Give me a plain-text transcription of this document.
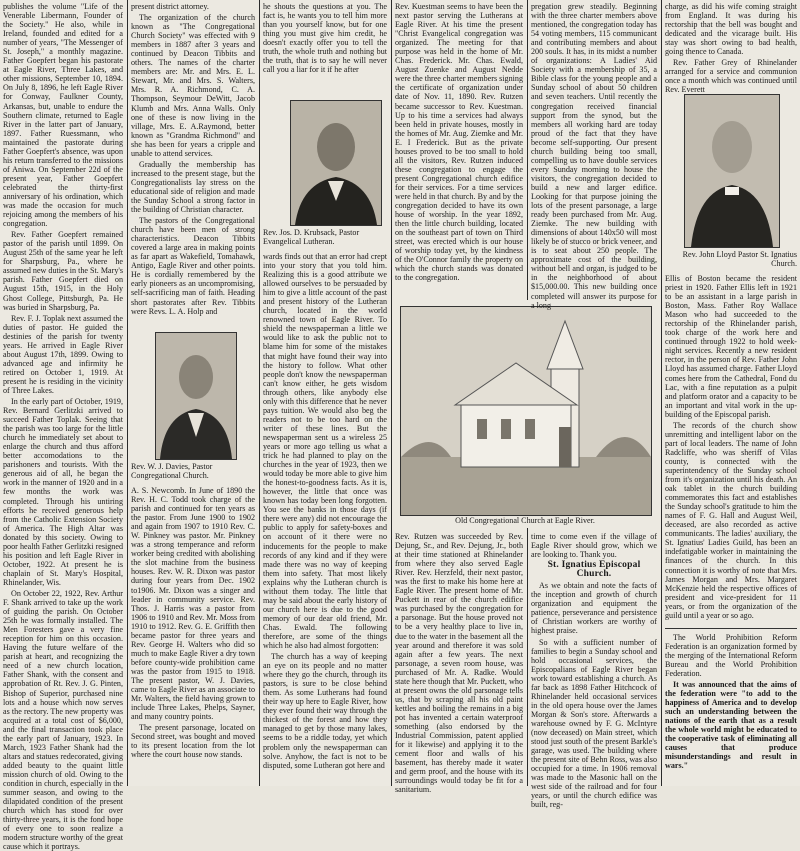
publishes the volume "Life of the Venerable Libermann, Founder of the Society." He also, while in Ireland, founded and edited for a number of years, "The Messenger of St. Joseph," a monthly magazine. Father Goepfert began his pastorate at Eagle River, Three Lakes, and other missions, September 10, 1894. On July 8, 1896, he left Eagle River for Conway, Faulkner County, Arkansas, but, unable to endure the Southern climate, returned to Eagle River in the latter part of January, 1897. Father Ruessmann, who maintained the pastorate during Father Goepfert's absence, was upon his return transferred to the missions of Aniwa. On September 22d of the present year, Father Goepfert celebrated the thirty-first anniversary of his ordination, which was made the occasion for much rejoicing among the members of his congregation.

Rev. Father Goepfert remained pastor of the parish until 1899. On August 25th of the same year he left for Sharpsburg, Pa., where he assumed new duties in the St. Mary's parish. Father Goepfert died on August 15th, 1915, in the Holy Ghost College, Pittsburgh, Pa. He was buried in Sharpsburg, Pa.

Rev. F. J. Toplak next assumed the duties of pastor. He guided the destinies of the parish for twenty years. He arrived in Eagle River about August 17th, 1899. Owing to advanced age and infirmity he retired on October 1, 1919. At present he is residing in the vicinity of Three Lakes.

In the early part of October, 1919, Rev. Bernard Gerlitzki arrived to succeed Father Toplak. Seeing that the parish was too large for the little church he immediately set about to enlarge the church and thus afford better accomodations to the parishoners and tourists. With the generous aid of all, he began the work in the manner of 1920 and in a few months the work was completed. Through his untiring efforts he received generous help from the Catholic Extension Society of America. The High Altar was donated by this society. Owing to poor health Father Gerlitzki resigned his position and left Eagle River in October, 1922. At present he is chaplain of St. Mary's Hospital, Rhinelander, Wis.

On October 22, 1922, Rev. Arthur F. Shank arrived to take up the work of guiding the parish. On October 25th he was formally installed. The Men Foresters gave a very fine reception for him on this occasion. Having the future welfare of the parish at heart, and recognizing the need of a new church location, Father Shank, with the consent and approbation of Rt. Rev. J. G. Pinten, Bishop of Superior, purchased nine lots and a house which now serves as the rectory. The new property was acquired at a total cost of $6,000, and the final transaction took place the early part of January, 1923. In March, 1923 Father Shank had the altars and statues redecorated, giving added beauty to the quaint little mission church of old. Owing to the condition in church, especially in the summer season, and owing to the dilapidated condition of the present church which has stood for over thirty-three years, it is the fond hope of every one to soon realize a modern structure worthy of the great cause which it portrays.

present district attorney.

The organization of the church known as "The Congregational Church Society" was effected with 9 members in 1887 after 3 years and continued by Deacon Tibbits and others. The names of the charter members are: Mr. and Mrs. E. L. Stewart, Mr. and Mrs. S. Walters, Mrs. R. A. Richmond, C. A. Thompson, Seymour DeWitt, Jacob Klumb and Mrs. Anna Walls. Only one of these is now living in the village, Mrs. E. A.Raymond, better known as "Grandma Richmond" and she has been for years a cripple and unable to attend services.

Gradually the membership has increased to the present stage, but the Congregationalists lay stress on the educational side of religion and made the Sunday School a strong factor in the building of Christian character.

The pastors of the Congregational church have been men of strong characteristics. Deacon Tibbits covered a large area in making points as far apart as Wakefield, Tomahawk, Antigo, Eagle River and other points. He is cordially remembered by the early pioneers as an uncompromising, self-sacrificing man of faith. Heading short pastorates after Rev. Tibbits were Revs. L. A. Holp and

Rev. W. J. Davies, Pastor Congregational Church.

A. S. Newcomb. In June of 1890 the Rev. H. C. Todd took charge of the parish and continued for ten years as the pastor. From June 1900 to 1902 and again from 1907 to 1910 Rev. C. W. Pinkney was pastor. Mr. Pinkney was a strong temperance and reform worker being credited with abolishing the slot machine from the business houses. Rev. W. R. Dixon was pastor during four years from Dec. 1902 to1906. Mr. Dixon was a singer and leader in community service. Rev. Thos. J. Harris was a pastor from 1906 to 1910 and Rev. Mr. Moss from 1910 to 1912. Rev. G. E. Griffith then became pastor for three years and Rev. George H. Walters who did so much to make Eagle River a dry town before county-wide prohibition came was the pastor from 1915 to 1918. The present pastor, W. J. Davies, came to Eagle River as an associate to Mr. Walters, the field having grown to include Three Lakes, Phelps, Sayner, and many country points.

The present parsonage, located on Second street, was bought and moved to its present location from the lot where the court house now stands.

he shouts the questions at you. The fact is, he wants you to tell him more than you yourself know, but for one thing you must give him credit, he doesn't exactly offer you to tell the truth, the whole truth and nothing but the truth, that is to say he will never call you a liar for it if he after

Rev. Jos. D. Krubsack, Pastor Evangelical Lutheran.

wards finds out that an error had crept into your story that you told him. Realizing this is a good attribute we allowed ourselves to be persuaded by him to give a little account of the past and present history of the Lutheran church, located in the world renowned town of Eagle River. To shield the newspaperman a little we would like to ask the public not to blame him for some of the mistakes that might have found their way into the history to follow. What other people don't know the newspaperman can't know either, he gets wisdom through others, like anybody else only with this difference that he never pays tuition. We would also beg the readers not to be too hard on the writer of these lines. But the newspaperman sent us a wireless 25 years or more ago telling us what a trick he had planned to play on the churches in the year of 1923, then we would today be more able to give him the honest-to-goodness facts. As it is, however, the little that once was known has today been long forgotten. You see the banks in those days (if there were any) did not encourage the public to apply for safety-boxes and on account of it there were no inducements for the people to make records of any kind and if they were made there was no way of keeping them into safety. That most likely explains why the Lutheran church is without them today. The little that may be said about the early history of our church here is due to the good memory of our dear old friend, Mr. Chas. Ewald. The following therefore, are some of the things which he also had almost forgotten:

The church has a way of keeping an eye on its people and no matter where they go the church, through its pastors, is sure to be close behind them. As some Lutherans had found their way up here to Eagle River, how they ever found their way through the thickest of the forest and how they managed to get by those many lakes, seems to be a riddle today, yet which problem only the newspaperman can solve. Anyhow, the fact is not to be disputed, some Lutheran got here and

Rev. Kuestman seems to have been the next pastor serving the Lutherans at Eagle River. At his time the present "Christ Evangelical congregation was organized. The meeting for that purpose was held in the home of Mr. Chas. Frederick. Mr. Chas. Ewald, August Zuenke and August Nedde were the three charter members signing the certificate of organization under date of Nov. 11, 1890. Rev. Rutzen became successor to Rev. Kuestman. Up to his time a services had always been held in private houses, mostly in the homes of Mr. Aug. Ziemke and Mr. E. I Frederick. But as the private houses proved to be too small to hold all the visitors, Rev. Rutzen induced these congregation to engage the present Congregational church edifice for their services. For a time services were held in that church. By and by the congregation decided to have its own house of worship. In the year 1892, then the little church building, located on the southeast part of town on Third street, was erected which is our house of worship today yet, by the kindness of the O'Connor family the property on which the church stands was donated to the congregation.

Old Congregational Church at Eagle River.

Rev. Rutzen was succeeded by Rev. Dejung, Sr., and Rev. Dejung, Jr., both at their time stationed at Rhinelander from where they also served Eagle River. Rev. Herzfeld, their next pastor, was the first to make his home here at Eagle River. The present home of Mr. Puckett in rear of the church edifice was purchased by the congregation for a parsonage. But the house proved not to be a very healthy place to live in, due to the water in the basement all the year around and therefore it was sold again after a few years. The next parsonage, a seven room house, was purchased of Mr. A. Radke. Would state here though that Mr. Puckett, who at present owns the old parsonage tells us, that by scraping all his old paint kettles and boiling the remains in a big pot has invented a certain waterproof something (also endorsed by the Industrial Commission, patent applied for it likewise) and applying it to the cement floor and walls of his basement, has thereby made it water and germ proof, and the house with its surroundings would today be fit for a sanitarium.

pregation grew steadily. Beginning with the three charter members above mentioned, the congregation today has 54 voting members, 115 communicant and contributing members and about 200 souls. It has, in its midst a number of organizations: A Ladies' Aid Society with a membership of 35, a Bible class for the young people and a Sunday school of about 50 children and seven teachers. Until recently the congregation received financial support from the synod, but the members all working hard are today proud of the fact that they have become self-supporting. Our present church building being too small, compelling us to have double services every Sunday morning to house the visitors, the congregation decided to build a new and larger edifice. Looking for that purpose joining the lots of the present parsonage, a large ready been purchased from Mr. Aug. Ziemke. The new building with dimensions of about 140x50 will most likely be of stucco or brick veneer, and is to seat about 250 people. The approximate cost of the building, without bell and organ, is judged to be in the neighborhood of about $15,000.00. This new building once completed will answer its purpose for a long

time to come even if the village of Eagle River should grow, which we are looking to. Thank you.

St. Ignatius Episcopal Church.

As we obtain and note the facts of the inception and growth of church organization and equipment the patience, perseverance and persistence of Christian workers are worthy of highest praise.

So with a sufficient number of families to begin a Sunday school and hold occasional services, the Episcopalians of Eagle River began work toward establishing a church. As far back as 1898 Father Hitchcock of Rhinelander held occasional services in the old opera house over the James Morgan & Son's store. Afterwards a warehouse owned by F. G. McIntyre (now deceased) on Main street, which stood just south of the present Barkle's garage, was used. The building where the present site of Behn Ross, was also occupied for a time. In 1906 removal was made to the Masonic hall on the west side of the railroad and for four years, or until the church edifice was built, reg-

charge, as did his wife coming straight from England. It was during his rectorship that the bell was bought and dedicated and the vicarage built. His stay was short owing to bad health, going thence to Canada.

Rev. Father Grey of Rhinelander arranged for a service and communion once a month which was continued until Rev. Everett

Rev. John Lloyd Pastor St. Ignatius Church.

Ellis of Boston became the resident priest in 1920. Father Ellis left in 1921 to be an assistant in a large parish in Boston, Mass. Father Roy Wallace Mason who had succeeded to the rectorship of the Rhinelander parish, took charge of the work here and continued through 1922 to hold week-night services. Recently a new resident rector, in the person of Rev. Father John Lloyd has assumed charge. Father Lloyd comes here from the Cathedral, Fond du Lac, with a fine reputation as a pulpit and platform orator and a capacity to be an important and vital work in the up-building of the Episcopal parish.

The records of the church show unremitting and intelligent labor on the part of local leaders. The name of John Radcliffe, who was sheriff of Vilas county, is connected with the superintendency of the Sunday school from it's organization until his death. An oak tablet in the church building commemorates this fact and establishes the Sunday school's gratitude to him the names of F. G. Hall and August Weil, deceased, are also recorded as active communicants. The ladies' auxiliary, the St. Ignatius' Ladies Guild, has been an indefatigable worker in maintaining the finances of the church. In this connection it is worthy of note that Mrs. James Morgan and Mrs. Margaret McKenzie held the respective offices of president and vice-president for 11 years, or from the organization of the guild until a year or so ago.

The World Prohibition Reform Federation is an organization formed by the merging of the International Reform Bureau and the World Prohibition Federation.

It was announced that the aims of the federation were "to add to the happiness of America and to develop such an understanding between the nations of the earth that as a result the whole world might be educated to the cooperative task of eliminating all causes that produce misunderstandings and result in wars."
